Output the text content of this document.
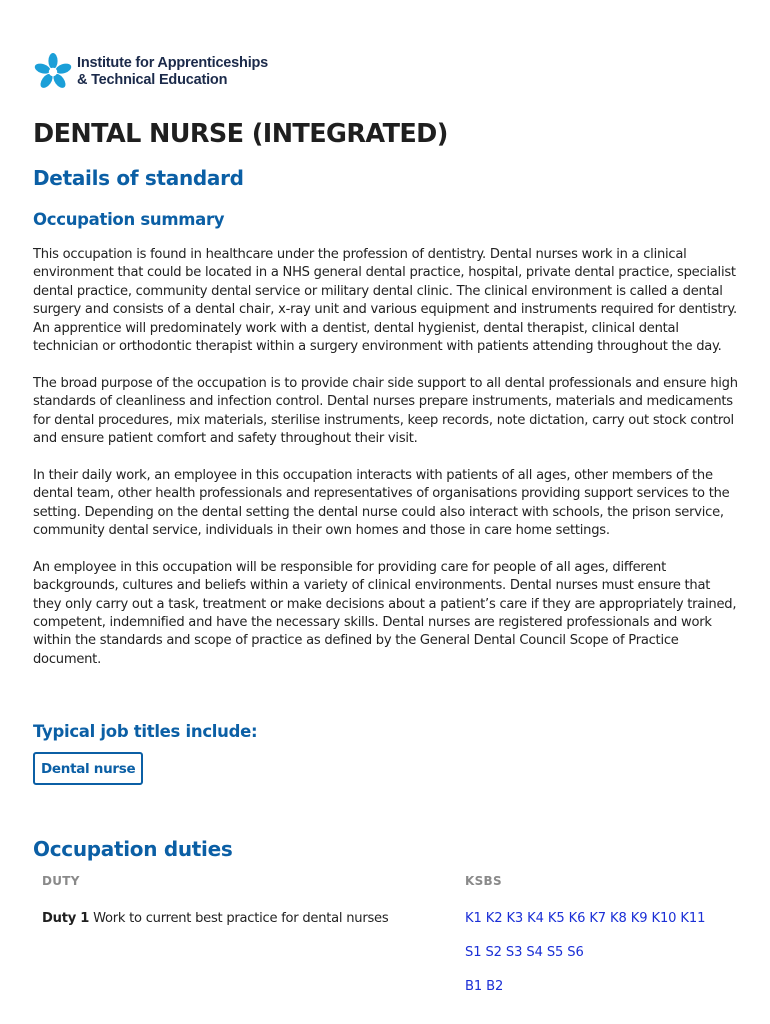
Institute for Apprenticeships
& Technical Education
DENTAL NURSE (INTEGRATED)
Details of standard
Occupation summary

This occupation is found in healthcare under the profession of dentistry. Dental nurses work in a clinical environment that could be located in a NHS general dental practice, hospital, private dental practice, specialist dental practice, community dental service or military dental clinic. The clinical environment is called a dental surgery and consists of a dental chair, x-ray unit and various equipment and instruments required for dentistry. An apprentice will predominately work with a dentist, dental hygienist, dental therapist, clinical dental technician or orthodontic therapist within a surgery environment with patients attending throughout the day.

The broad purpose of the occupation is to provide chair side support to all dental professionals and ensure high standards of cleanliness and infection control. Dental nurses prepare instruments, materials and medicaments for dental procedures, mix materials, sterilise instruments, keep records, note dictation, carry out stock control and ensure patient comfort and safety throughout their visit.

In their daily work, an employee in this occupation interacts with patients of all ages, other members of the dental team, other health professionals and representatives of organisations providing support services to the setting. Depending on the dental setting the dental nurse could also interact with schools, the prison service, community dental service, individuals in their own homes and those in care home settings.

An employee in this occupation will be responsible for providing care for people of all ages, different backgrounds, cultures and beliefs within a variety of clinical environments. Dental nurses must ensure that they only carry out a task, treatment or make decisions about a patient’s care if they are appropriately trained, competent, indemnified and have the necessary skills. Dental nurses are registered professionals and work within the standards and scope of practice as defined by the General Dental Council Scope of Practice document.

Typical job titles include:
Dental nurse
Occupation duties
DUTY	KSBS
Duty 1 Work to current best practice for dental nurses	K1 K2 K3 K4 K5 K6 K7 K8 K9 K10 K11
S1 S2 S3 S4 S5 S6
B1 B2
